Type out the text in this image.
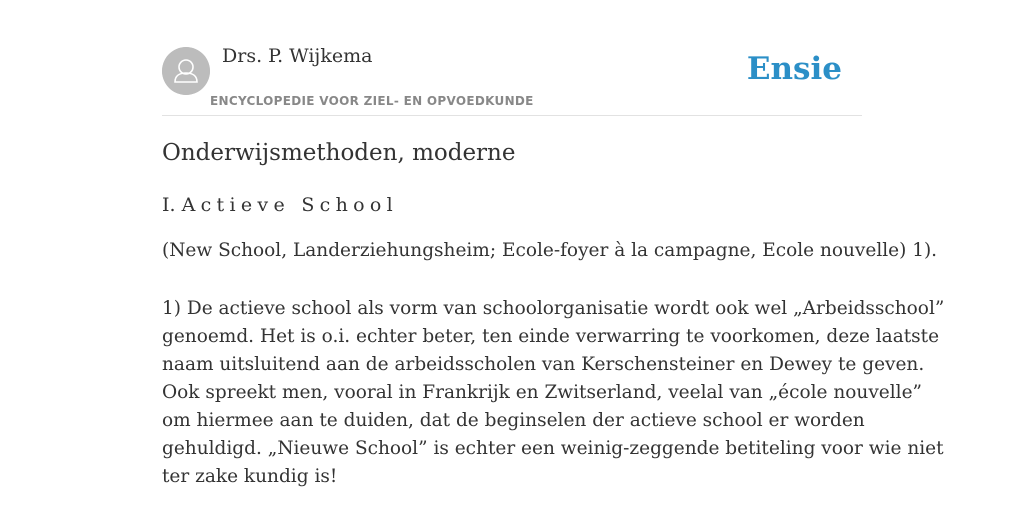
Drs. P. Wijkema
ENCYCLOPEDIE VOOR ZIEL- EN OPVOEDKUNDE
Ensie
Onderwijsmethoden, moderne
I. Actieve School
(New School, Landerziehungsheim; Ecole-foyer à la campagne, Ecole nouvelle) 1).
1) De actieve school als vorm van schoolorganisatie wordt ook wel „Arbeidsschool”
genoemd. Het is o.i. echter beter, ten einde verwarring te voorkomen, deze laatste
naam uitsluitend aan de arbeidsscholen van Kerschensteiner en Dewey te geven.
Ook spreekt men, vooral in Frankrijk en Zwitserland, veelal van „école nouvelle”
om hiermee aan te duiden, dat de beginselen der actieve school er worden
gehuldigd. „Nieuwe School” is echter een weinig-zeggende betiteling voor wie niet
ter zake kundig is!
